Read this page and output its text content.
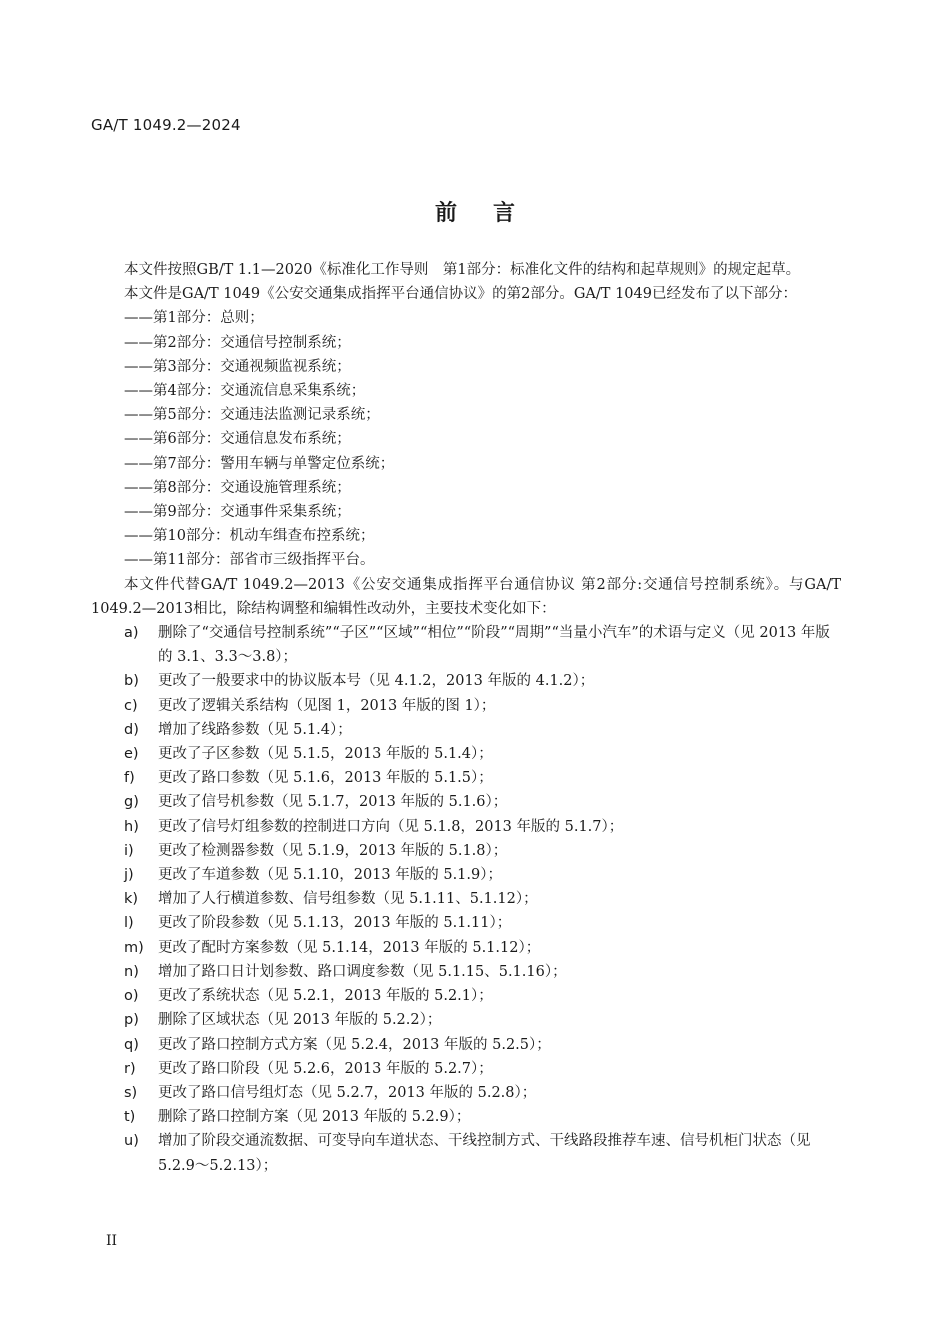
GA/T 1049.2—2024
前言

本文件按照GB/T 1.1—2020《标准化工作导则　第1部分：标准化文件的结构和起草规则》的规定起草。

本文件是GA/T 1049《公安交通集成指挥平台通信协议》的第2部分。GA/T 1049已经发布了以下部分：

——第1部分：总则；

——第2部分：交通信号控制系统；

——第3部分：交通视频监视系统；

——第4部分：交通流信息采集系统；

——第5部分：交通违法监测记录系统；

——第6部分：交通信息发布系统；

——第7部分：警用车辆与单警定位系统；

——第8部分：交通设施管理系统；

——第9部分：交通事件采集系统；

——第10部分：机动车缉查布控系统；

——第11部分：部省市三级指挥平台。

本文件代替GA/T 1049.2—2013《公安交通集成指挥平台通信协议 第2部分:交通信号控制系统》。与GA/T 1049.2—2013相比，除结构调整和编辑性改动外，主要技术变化如下：

a) 删除了“交通信号控制系统”“子区”“区域”“相位”“阶段”“周期”“当量小汽车”的术语与定义（见 2013 年版的 3.1、3.3～3.8）；
b) 更改了一般要求中的协议版本号（见 4.1.2，2013 年版的 4.1.2）；
c) 更改了逻辑关系结构（见图 1，2013 年版的图 1）；
d) 增加了线路参数（见 5.1.4）；
e) 更改了子区参数（见 5.1.5，2013 年版的 5.1.4）；
f) 更改了路口参数（见 5.1.6，2013 年版的 5.1.5）；
g) 更改了信号机参数（见 5.1.7，2013 年版的 5.1.6）；
h) 更改了信号灯组参数的控制进口方向（见 5.1.8，2013 年版的 5.1.7）；
i) 更改了检测器参数（见 5.1.9，2013 年版的 5.1.8）；
j) 更改了车道参数（见 5.1.10，2013 年版的 5.1.9）；
k) 增加了人行横道参数、信号组参数（见 5.1.11、5.1.12）；
l) 更改了阶段参数（见 5.1.13，2013 年版的 5.1.11）；
m) 更改了配时方案参数（见 5.1.14，2013 年版的 5.1.12）；
n) 增加了路口日计划参数、路口调度参数（见 5.1.15、5.1.16）；
o) 更改了系统状态（见 5.2.1，2013 年版的 5.2.1）；
p) 删除了区域状态（见 2013 年版的 5.2.2）；
q) 更改了路口控制方式方案（见 5.2.4，2013 年版的 5.2.5）；
r) 更改了路口阶段（见 5.2.6，2013 年版的 5.2.7）；
s) 更改了路口信号组灯态（见 5.2.7，2013 年版的 5.2.8）；
t) 删除了路口控制方案（见 2013 年版的 5.2.9）；
u) 增加了阶段交通流数据、可变导向车道状态、干线控制方式、干线路段推荐车速、信号机柜门状态（见 5.2.9～5.2.13）；
II
